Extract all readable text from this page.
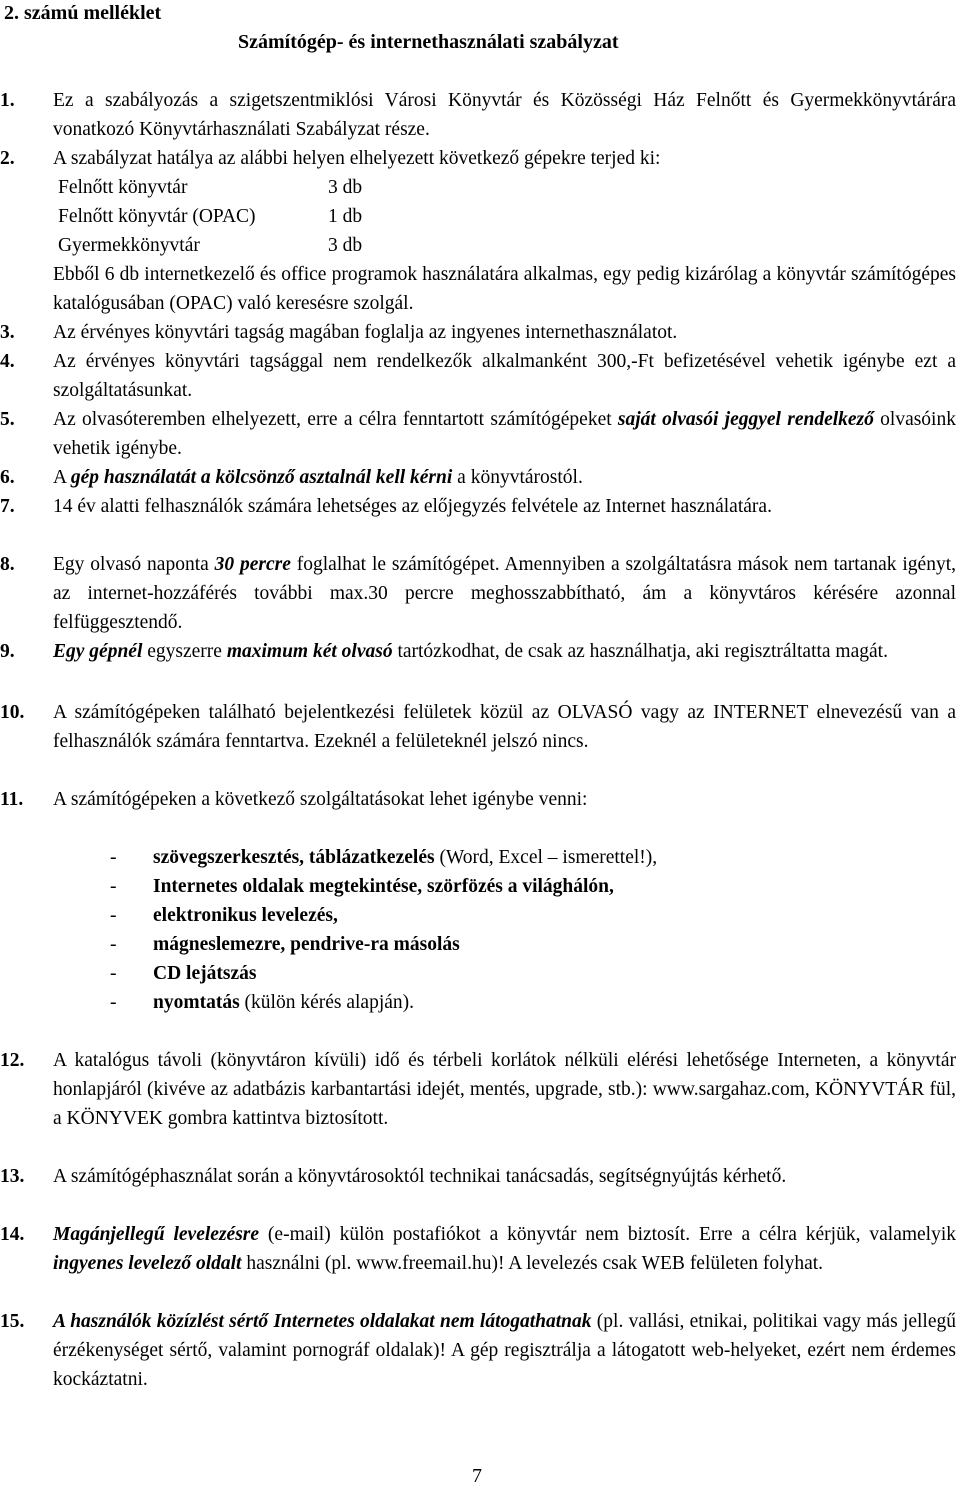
2. számú melléklet
Számítógép- és internethasználati szabályzat
1. Ez a szabályozás a szigetszentmiklósi Városi Könyvtár és Közösségi Ház Felnőtt és Gyermekkönyvtárára vonatkozó Könyvtárhasználati Szabályzat része.
2. A szabályzat hatálya az alábbi helyen elhelyezett következő gépekre terjed ki:
Felnőtt könyvtár	3 db
Felnőtt könyvtár (OPAC)	1 db
Gyermekkönyvtár	3 db
Ebből 6 db internetkezelő és office programok használatára alkalmas, egy pedig kizárólag a könyvtár számítógépes katalógusában (OPAC) való keresésre szolgál.
3. Az érvényes könyvtári tagság magában foglalja az ingyenes internethasználatot.
4. Az érvényes könyvtári tagsággal nem rendelkezők alkalmanként 300,-Ft befizetésével vehetik igénybe ezt a szolgáltatásunkat.
5. Az olvasóteremben elhelyezett, erre a célra fenntartott számítógépeket saját olvasói jeggyel rendelkező olvasóink vehetik igénybe.
6. A gép használatát a kölcsönző asztalnál kell kérni a könyvtárostól.
7. 14 év alatti felhasználók számára lehetséges az előjegyzés felvétele az Internet használatára.
8. Egy olvasó naponta 30 percre foglalhat le számítógépet. Amennyiben a szolgáltatásra mások nem tartanak igényt, az internet-hozzáférés további max.30 percre meghosszabbítható, ám a könyvtáros kérésére azonnal felfüggesztendő.
9. Egy gépnél egyszerre maximum két olvasó tartózkodhat, de csak az használhatja, aki regisztráltatta magát.
10. A számítógépeken található bejelentkezési felületek közül az OLVASÓ vagy az INTERNET elnevezésű van a felhasználók számára fenntartva. Ezeknél a felületeknél jelszó nincs.
11. A számítógépeken a következő szolgáltatásokat lehet igénybe venni:
-	szövegszerkesztés, táblázatkezelés (Word, Excel – ismerettel!),
-	Internetes oldalak megtekintése, szörfözés a világhálón,
-	elektronikus levelezés,
-	mágneslemezre, pendrive-ra másolás
-	CD lejátszás
-	nyomtatás (külön kérés alapján).
12. A katalógus távoli (könyvtáron kívüli) idő és térbeli korlátok nélküli elérési lehetősége Interneten, a könyvtár honlapjáról (kivéve az adatbázis karbantartási idejét, mentés, upgrade, stb.): www.sargahaz.com, KÖNYVTÁR fül, a KÖNYVEK gombra kattintva biztosított.
13. A számítógéphasználat során a könyvtárosoktól technikai tanácsadás, segítségnyújtás kérhető.
14. Magánjellegű levelezésre (e-mail) külön postafiókot a könyvtár nem biztosít. Erre a célra kérjük, valamelyik ingyenes levelező oldalt használni (pl. www.freemail.hu)! A levelezés csak WEB felületen folyhat.
15. A használók közízlést sértő Internetes oldalakat nem látogathatnak (pl. vallási, etnikai, politikai vagy más jellegű érzékenységet sértő, valamint pornográf oldalak)! A gép regisztrálja a látogatott web-helyeket, ezért nem érdemes kockáztatni.
7
